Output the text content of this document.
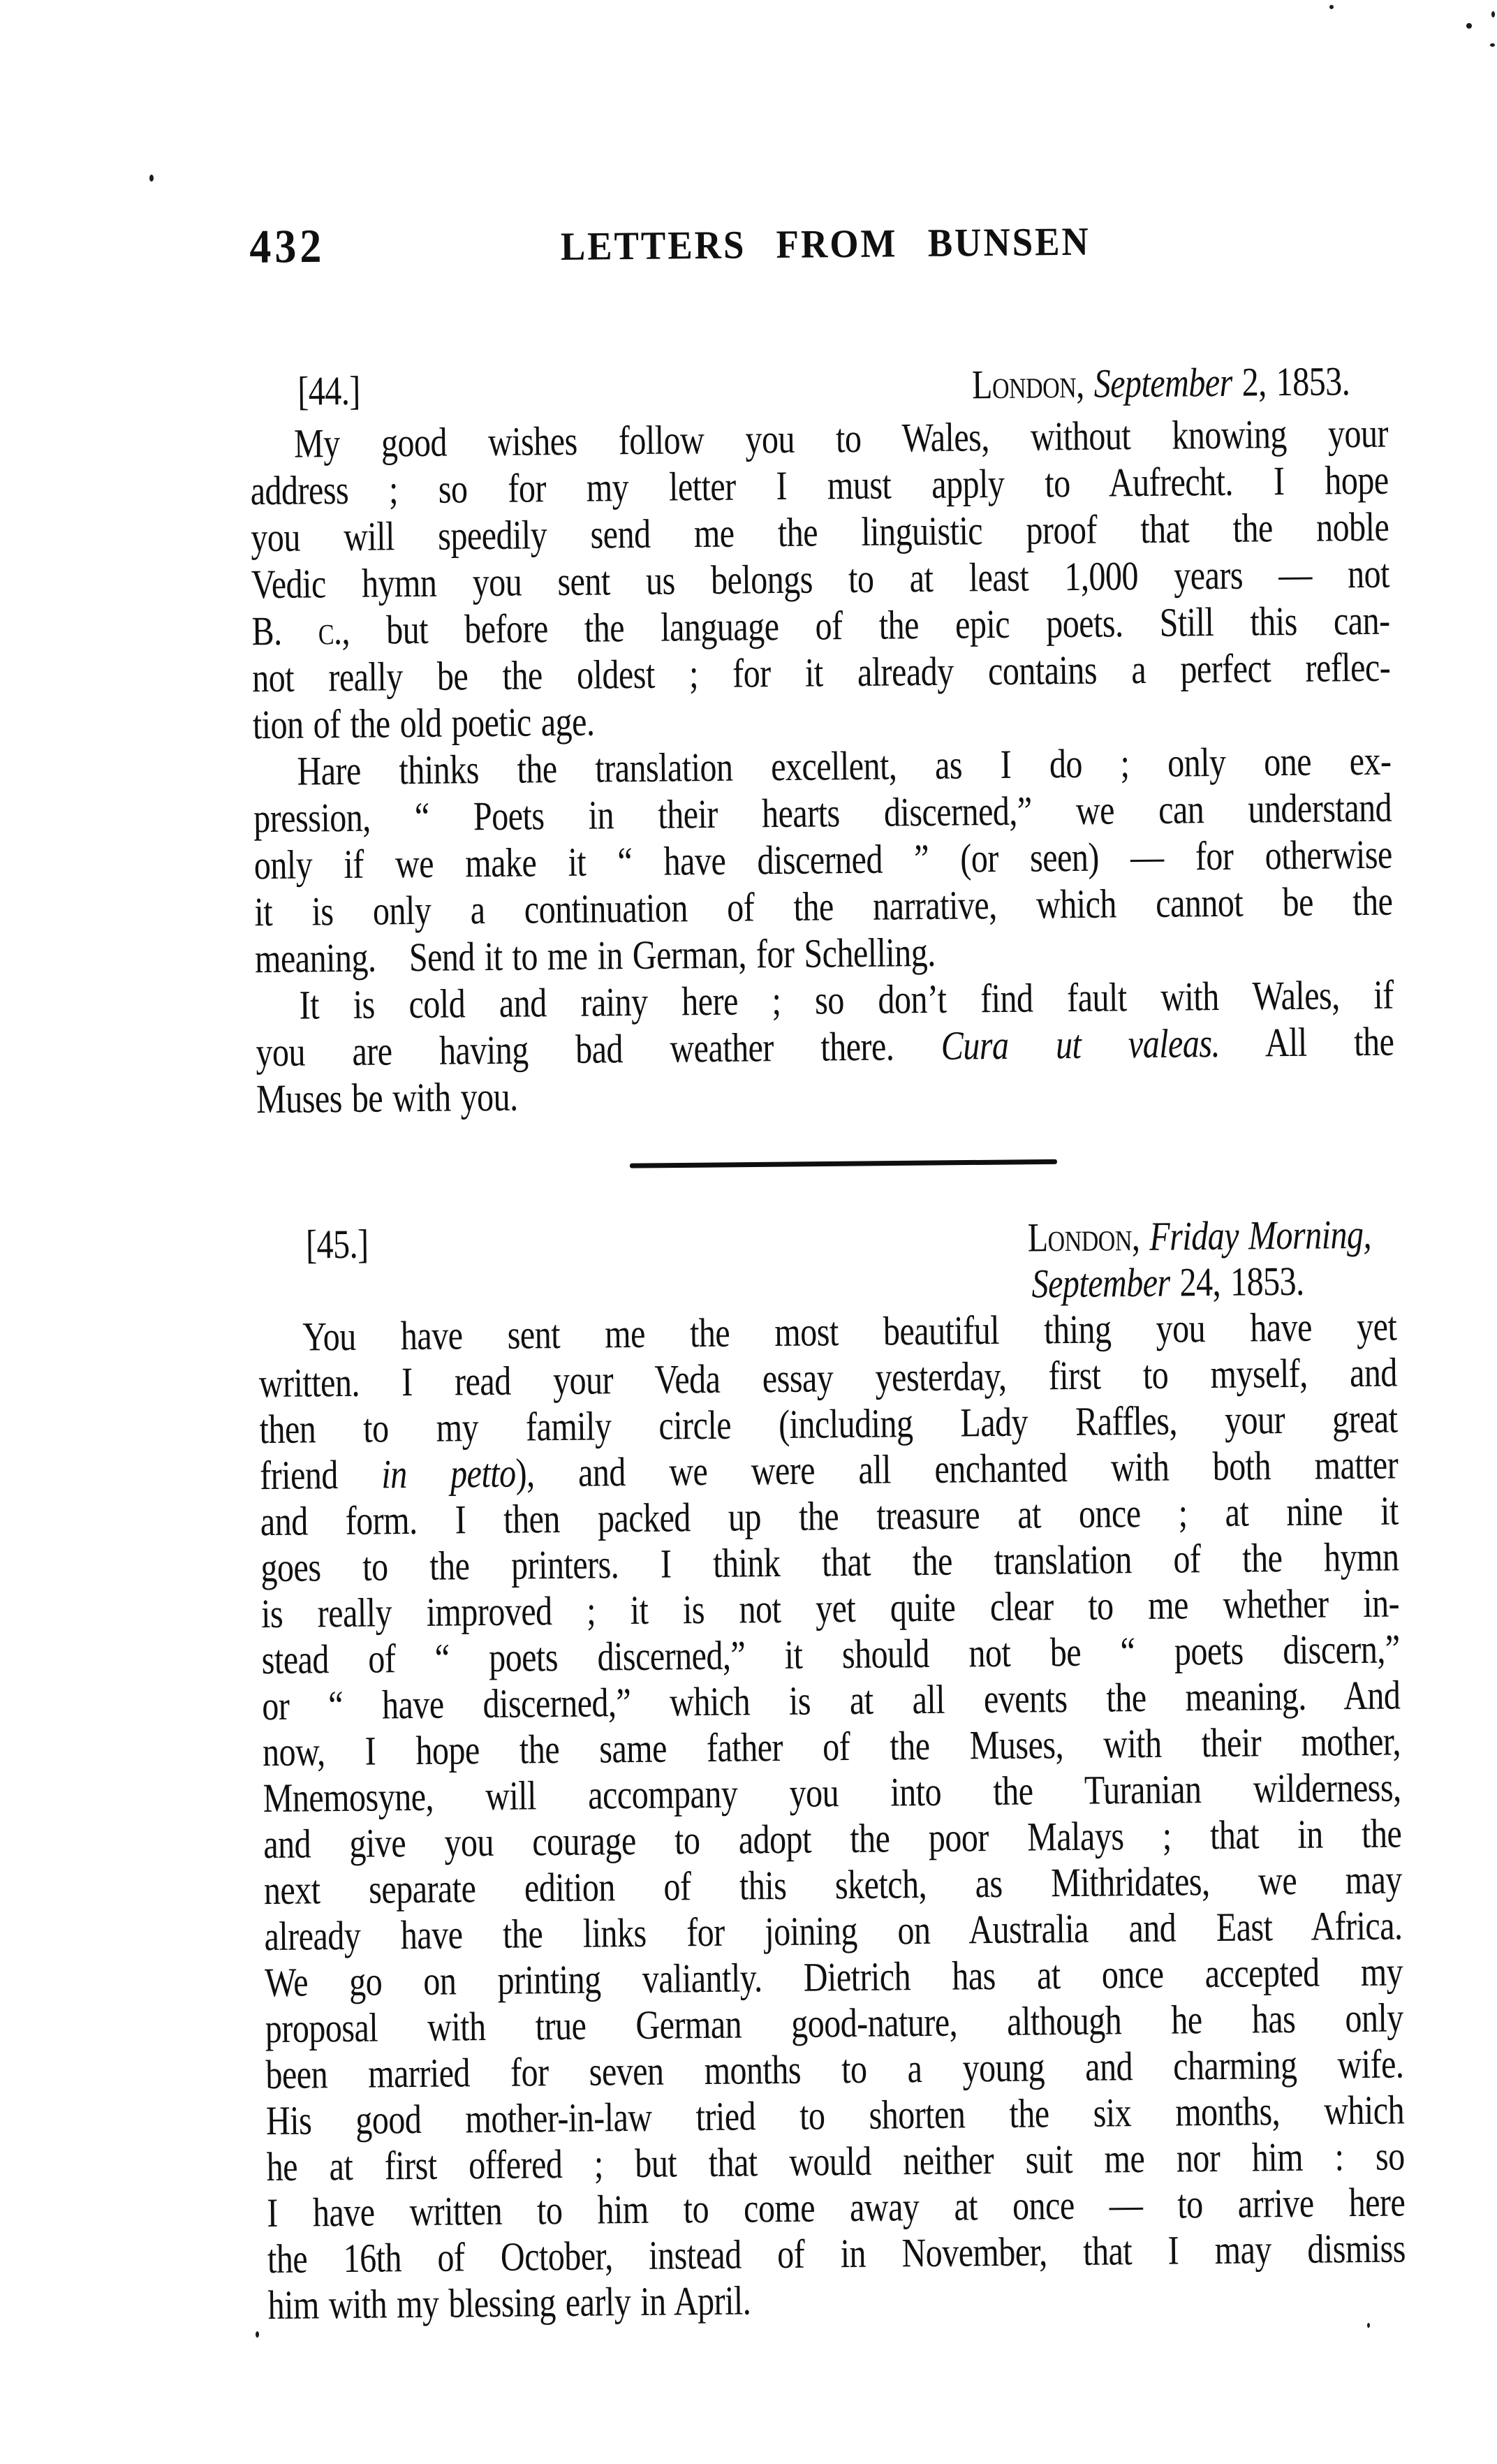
432	LETTERS FROM BUNSEN
[44.]	London, September 2, 1853.
My good wishes follow you to Wales, without knowing your
address ; so for my letter I must apply to Aufrecht. I hope
you will speedily send me the linguistic proof that the noble
Vedic hymn you sent us belongs to at least 1,000 years — not
B. c., but before the language of the epic poets. Still this can-
not really be the oldest ; for it already contains a perfect reflec-
tion of the old poetic age.
Hare thinks the translation excellent, as I do ; only one ex-
pression, “ Poets in their hearts discerned,” we can understand
only if we make it “ have discerned ” (or seen) — for otherwise
it is only a continuation of the narrative, which cannot be the
meaning. Send it to me in German, for Schelling.
It is cold and rainy here ; so don’t find fault with Wales, if
you are having bad weather there. Cura ut valeas. All the
Muses be with you.
[45.]	London, Friday Morning,
September 24, 1853.
You have sent me the most beautiful thing you have yet
written. I read your Veda essay yesterday, first to myself, and
then to my family circle (including Lady Raffles, your great
friend in petto), and we were all enchanted with both matter
and form. I then packed up the treasure at once ; at nine it
goes to the printers. I think that the translation of the hymn
is really improved ; it is not yet quite clear to me whether in-
stead of “ poets discerned,” it should not be “ poets discern,”
or “ have discerned,” which is at all events the meaning. And
now, I hope the same father of the Muses, with their mother,
Mnemosyne, will accompany you into the Turanian wilderness,
and give you courage to adopt the poor Malays ; that in the
next separate edition of this sketch, as Mithridates, we may
already have the links for joining on Australia and East Africa.
We go on printing valiantly. Dietrich has at once accepted my
proposal with true German good-nature, although he has only
been married for seven months to a young and charming wife.
His good mother-in-law tried to shorten the six months, which
he at first offered ; but that would neither suit me nor him : so
I have written to him to come away at once — to arrive here
the 16th of October, instead of in November, that I may dismiss
him with my blessing early in April.
